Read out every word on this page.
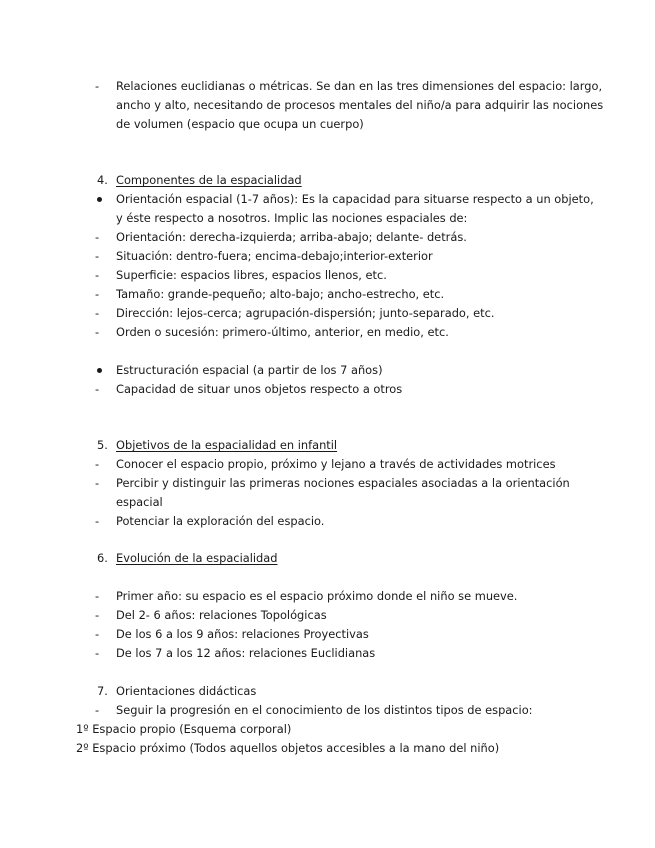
- Relaciones euclidianas o métricas. Se dan en las tres dimensiones del espacio: largo,
ancho y alto, necesitando de procesos mentales del niño/a para adquirir las nociones
de volumen (espacio que ocupa un cuerpo)
4. Componentes de la espacialidad
Orientación espacial (1-7 años): Es la capacidad para situarse respecto a un objeto,
y éste respecto a nosotros. Implic las nociones espaciales de:
- Orientación: derecha-izquierda; arriba-abajo; delante- detrás.
- Situación: dentro-fuera; encima-debajo;interior-exterior
- Superficie: espacios libres, espacios llenos, etc.
- Tamaño: grande-pequeño; alto-bajo; ancho-estrecho, etc.
- Dirección: lejos-cerca; agrupación-dispersión; junto-separado, etc.
- Orden o sucesión: primero-último, anterior, en medio, etc.
Estructuración espacial (a partir de los 7 años)
- Capacidad de situar unos objetos respecto a otros
5. Objetivos de la espacialidad en infantil
- Conocer el espacio propio, próximo y lejano a través de actividades motrices
- Percibir y distinguir las primeras nociones espaciales asociadas a la orientación
espacial
- Potenciar la exploración del espacio.
6. Evolución de la espacialidad
- Primer año: su espacio es el espacio próximo donde el niño se mueve.
- Del 2- 6 años: relaciones Topológicas
- De los 6 a los 9 años: relaciones Proyectivas
- De los 7 a los 12 años: relaciones Euclidianas
7. Orientaciones didácticas
- Seguir la progresión en el conocimiento de los distintos tipos de espacio:
1º Espacio propio (Esquema corporal)
2º Espacio próximo (Todos aquellos objetos accesibles a la mano del niño)
